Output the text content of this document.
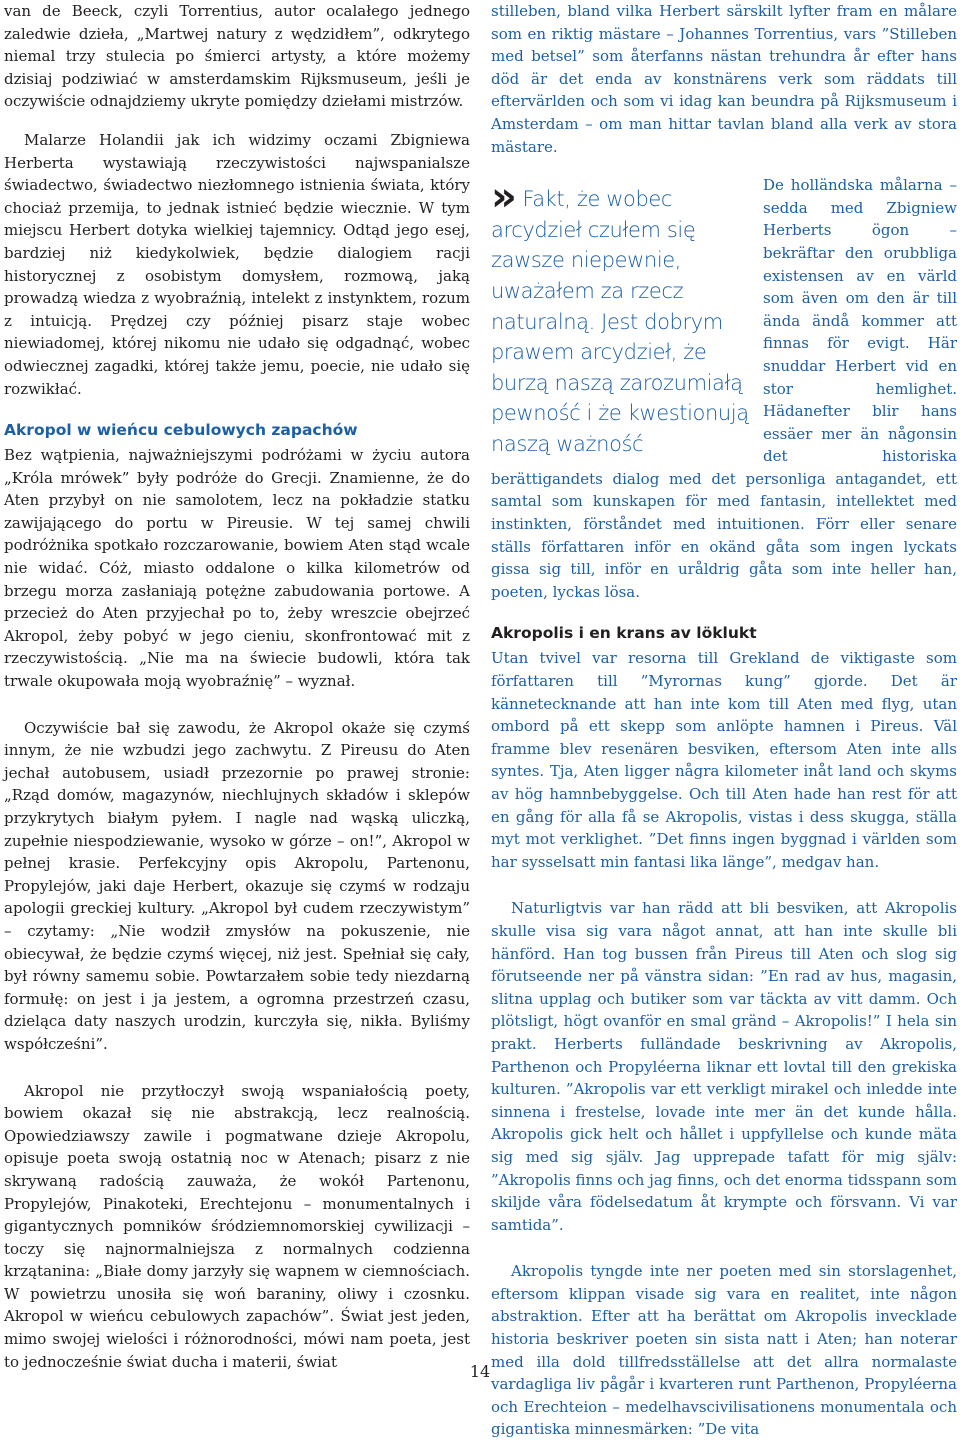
van de Beeck, czyli Torrentius, autor ocalałego jednego zaledwie dzieła, „Martwej natury z wędzidłem”, odkrytego niemal trzy stulecia po śmierci artysty, a które możemy dzisiaj podziwiać w amsterdamskim Rijksmuseum, jeśli je oczywiście odnajdziemy ukryte pomiędzy dziełami mistrzów.

Malarze Holandii jak ich widzimy oczami Zbigniewa Herberta wystawiają rzeczywistości najwspanialsze świadectwo, świadectwo niezłomnego istnienia świata, który chociaż przemija, to jednak istnieć będzie wiecznie. W tym miejscu Herbert dotyka wielkiej tajemnicy. Odtąd jego esej, bardziej niż kiedykolwiek, będzie dialogiem racji historycznej z osobistym domysłem, rozmową, jaką prowadzą wiedza z wyobraźnią, intelekt z instynktem, rozum z intuicją. Prędzej czy później pisarz staje wobec niewiadomej, której nikomu nie udało się odgadnąć, wobec odwiecznej zagadki, której także jemu, poecie, nie udało się rozwikłać.

Akropol w wieńcu cebulowych zapachów

Bez wątpienia, najważniejszymi podróżami w życiu autora „Króla mrówek” były podróże do Grecji. Znamienne, że do Aten przybył on nie samolotem, lecz na pokładzie statku zawijającego do portu w Pireusie. W tej samej chwili podróżnika spotkało rozczarowanie, bowiem Aten stąd wcale nie widać. Cóż, miasto oddalone o kilka kilometrów od brzegu morza zasłaniają potężne zabudowania portowe. A przecież do Aten przyjechał po to, żeby wreszcie obejrzeć Akropol, żeby pobyć w jego cieniu, skonfrontować mit z rzeczywistością. „Nie ma na świecie budowli, która tak trwale okupowała moją wyobraźnię” – wyznał.

Oczywiście bał się zawodu, że Akropol okaże się czymś innym, że nie wzbudzi jego zachwytu. Z Pireusu do Aten jechał autobusem, usiadł przezornie po prawej stronie: „Rząd domów, magazynów, niechlujnych składów i sklepów przykrytych białym pyłem. I nagle nad wąską uliczką, zupełnie niespodziewanie, wysoko w górze – on!”, Akropol w pełnej krasie. Perfekcyjny opis Akropolu, Partenonu, Propylejów, jaki daje Herbert, okazuje się czymś w rodzaju apologii greckiej kultury. „Akropol był cudem rzeczywistym” – czytamy: „Nie wodził zmysłów na pokuszenie, nie obiecywał, że będzie czymś więcej, niż jest. Spełniał się cały, był równy samemu sobie. Powtarzałem sobie tedy niezdarną formułę: on jest i ja jestem, a ogromna przestrzeń czasu, dzieląca daty naszych urodzin, kurczyła się, nikła. Byliśmy współcześni”.

Akropol nie przytłoczył swoją wspaniałością poety, bowiem okazał się nie abstrakcją, lecz realnością. Opowiedziawszy zawile i pogmatwane dzieje Akropolu, opisuje poeta swoją ostatnią noc w Atenach; pisarz z nie skrywaną radością zauważa, że wokół Partenonu, Propylejów, Pinakoteki, Erechtejonu – monumentalnych i gigantycznych pomników śródziemnomorskiej cywilizacji – toczy się najnormalniejsza z normalnych codzienna krzątanina: „Białe domy jarzyły się wapnem w ciemnościach. W powietrzu unosiła się woń baraniny, oliwy i czosnku. Akropol w wieńcu cebulowych zapachów”. Świat jest jeden, mimo swojej wielości i różnorodności, mówi nam poeta, jest to jednocześnie świat ducha i materii, świat

stilleben, bland vilka Herbert särskilt lyfter fram en målare som en riktig mästare – Johannes Torrentius, vars ”Stilleben med betsel” som återfanns nästan trehundra år efter hans död är det enda av konstnärens verk som räddats till eftervärlden och som vi idag kan beundra på Rijksmuseum i Amsterdam – om man hittar tavlan bland alla verk av stora mästare.

» Fakt, że wobec arcydzieł czułem się zawsze niepewnie, uważałem za rzecz naturalną. Jest dobrym prawem arcydzieł, że burzą naszą zarozumiałą pewność i że kwestionują naszą ważność

De holländska målarna – sedda med Zbigniew Herberts ögon – bekräftar den orubbliga existensen av en värld som även om den är till ända ändå kommer att finnas för evigt. Här snuddar Herbert vid en stor hemlighet. Hädanefter blir hans essäer mer än någonsin det historiska berättigandets dialog med det personliga antagandet, ett samtal som kunskapen för med fantasin, intellektet med instinkten, förståndet med intuitionen. Förr eller senare ställs författaren inför en okänd gåta som ingen lyckats gissa sig till, inför en uråldrig gåta som inte heller han, poeten, lyckas lösa.

Akropolis i en krans av löklukt

Utan tvivel var resorna till Grekland de viktigaste som författaren till ”Myrornas kung” gjorde. Det är kännetecknande att han inte kom till Aten med flyg, utan ombord på ett skepp som anlöpte hamnen i Pireus. Väl framme blev resenären besviken, eftersom Aten inte alls syntes. Tja, Aten ligger några kilometer inåt land och skyms av hög hamnbebyggelse. Och till Aten hade han rest för att en gång för alla få se Akropolis, vistas i dess skugga, ställa myt mot verklighet. ”Det finns ingen byggnad i världen som har sysselsatt min fantasi lika länge”, medgav han.

Naturligtvis var han rädd att bli besviken, att Akropolis skulle visa sig vara något annat, att han inte skulle bli hänförd. Han tog bussen från Pireus till Aten och slog sig förutseende ner på vänstra sidan: ”En rad av hus, magasin, slitna upplag och butiker som var täckta av vitt damm. Och plötsligt, högt ovanför en smal gränd – Akropolis!” I hela sin prakt. Herberts fulländade beskrivning av Akropolis, Parthenon och Propyléerna liknar ett lovtal till den grekiska kulturen. ”Akropolis var ett verkligt mirakel och inledde inte sinnena i frestelse, lovade inte mer än det kunde hålla. Akropolis gick helt och hållet i uppfyllelse och kunde mäta sig med sig själv. Jag upprepade tafatt för mig själv: ”Akropolis finns och jag finns, och det enorma tidsspann som skiljde våra födelsedatum åt krympte och försvann. Vi var samtida”.

Akropolis tyngde inte ner poeten med sin storslagenhet, eftersom klippan visade sig vara en realitet, inte någon abstraktion. Efter att ha berättat om Akropolis invecklade historia beskriver poeten sin sista natt i Aten; han noterar med illa dold tillfredsställelse att det allra normalaste vardagliga liv pågår i kvarteren runt Parthenon, Propyléerna och Erechteion – medelhavscivilisationens monumentala och gigantiska minnesmärken: ”De vita

14
